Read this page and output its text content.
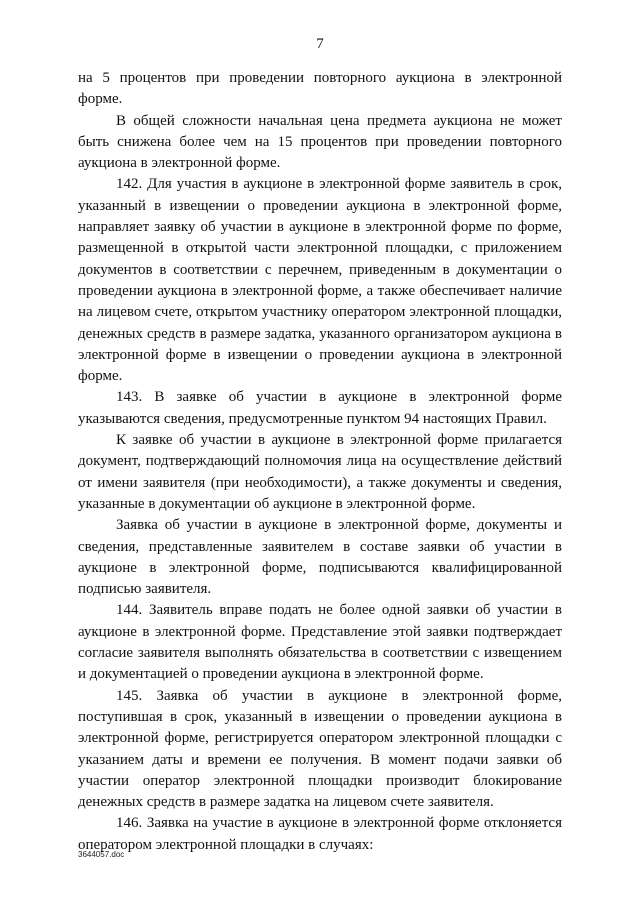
7

на 5 процентов при проведении повторного аукциона в электронной форме.

В общей сложности начальная цена предмета аукциона не может быть снижена более чем на 15 процентов при проведении повторного аукциона в электронной форме.

142. Для участия в аукционе в электронной форме заявитель в срок, указанный в извещении о проведении аукциона в электронной форме, направляет заявку об участии в аукционе в электронной форме по форме, размещенной в открытой части электронной площадки, с приложением документов в соответствии с перечнем, приведенным в документации о проведении аукциона в электронной форме, а также обеспечивает наличие на лицевом счете, открытом участнику оператором электронной площадки, денежных средств в размере задатка, указанного организатором аукциона в электронной форме в извещении о проведении аукциона в электронной форме.

143. В заявке об участии в аукционе в электронной форме указываются сведения, предусмотренные пунктом 94 настоящих Правил.

К заявке об участии в аукционе в электронной форме прилагается документ, подтверждающий полномочия лица на осуществление действий от имени заявителя (при необходимости), а также документы и сведения, указанные в документации об аукционе в электронной форме.

Заявка об участии в аукционе в электронной форме, документы и сведения, представленные заявителем в составе заявки об участии в аукционе в электронной форме, подписываются квалифицированной подписью заявителя.

144. Заявитель вправе подать не более одной заявки об участии в аукционе в электронной форме. Представление этой заявки подтверждает согласие заявителя выполнять обязательства в соответствии с извещением и документацией о проведении аукциона в электронной форме.

145. Заявка об участии в аукционе в электронной форме, поступившая в срок, указанный в извещении о проведении аукциона в электронной форме, регистрируется оператором электронной площадки с указанием даты и времени ее получения. В момент подачи заявки об участии оператор электронной площадки производит блокирование денежных средств в размере задатка на лицевом счете заявителя.

146. Заявка на участие в аукционе в электронной форме отклоняется оператором электронной площадки в случаях:

3644057.doc
